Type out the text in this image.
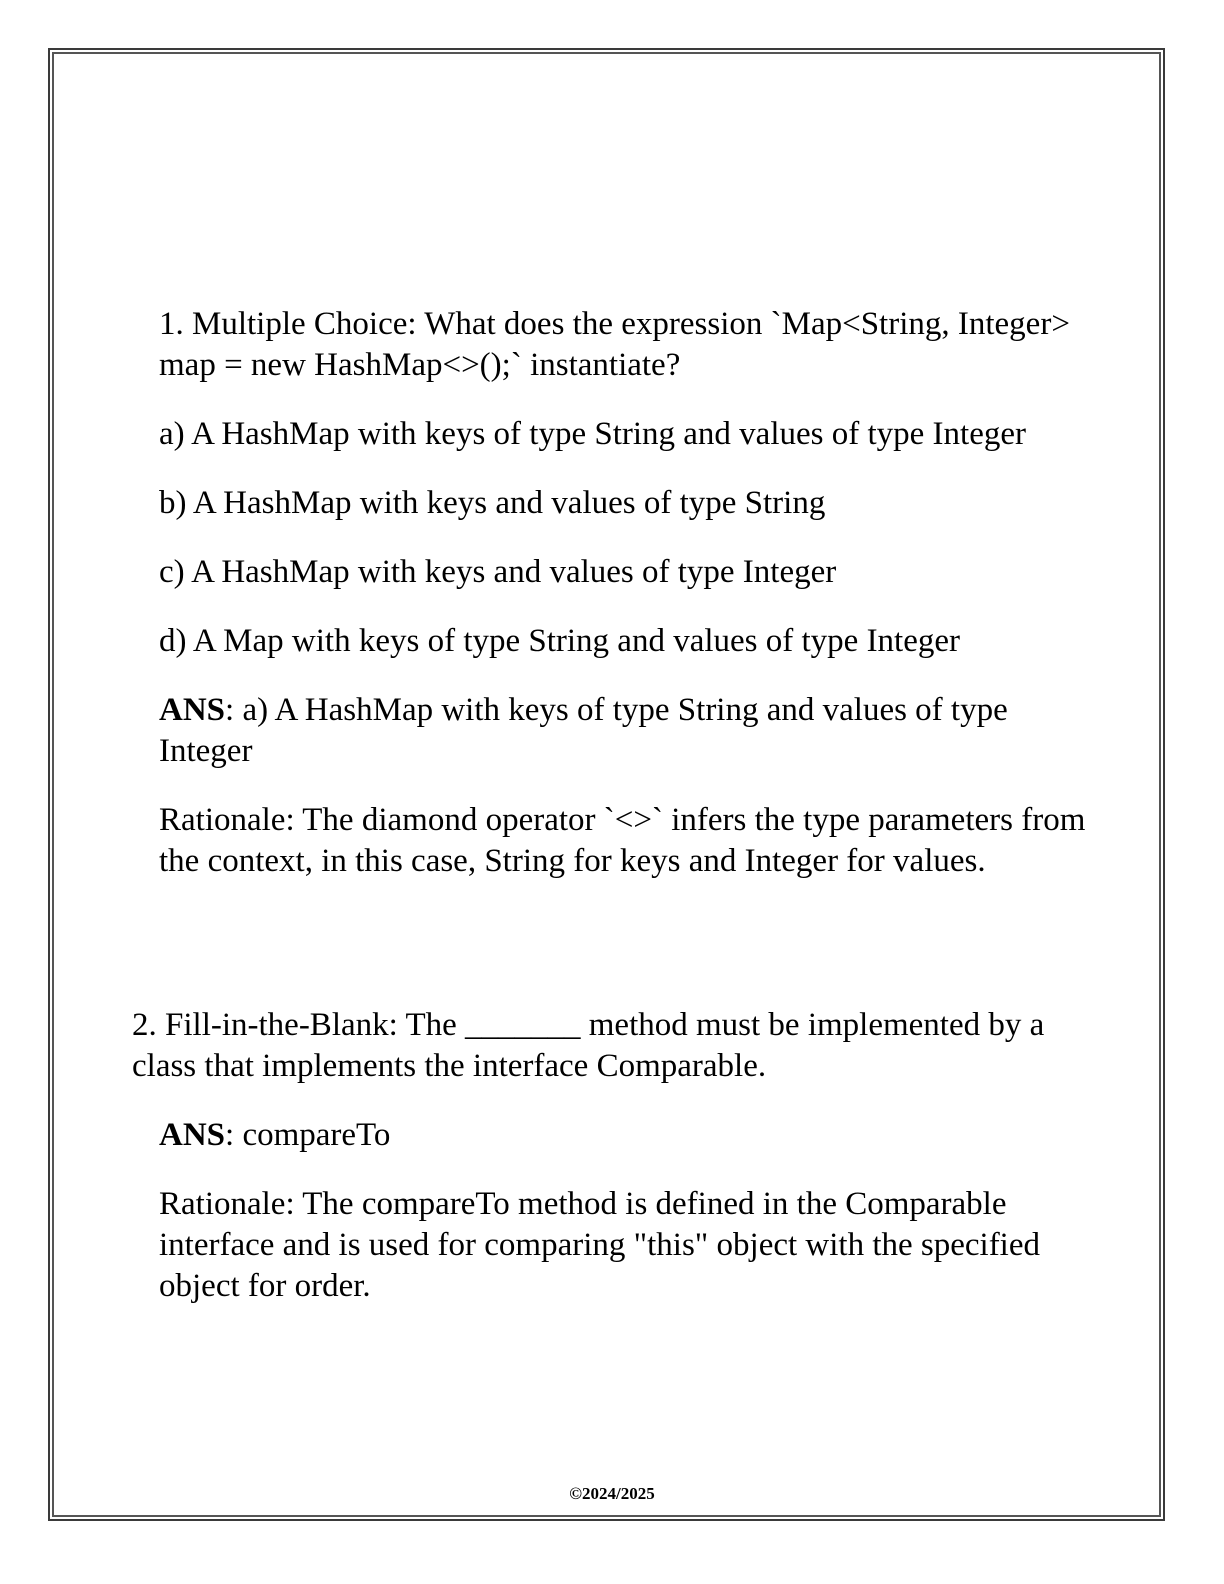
1. Multiple Choice: What does the expression `Map<String, Integer> map = new HashMap<>();` instantiate?
a) A HashMap with keys of type String and values of type Integer
b) A HashMap with keys and values of type String
c) A HashMap with keys and values of type Integer
d) A Map with keys of type String and values of type Integer
ANS: a) A HashMap with keys of type String and values of type Integer
Rationale: The diamond operator `<>` infers the type parameters from the context, in this case, String for keys and Integer for values.
2. Fill-in-the-Blank: The _______ method must be implemented by a class that implements the interface Comparable.
ANS: compareTo
Rationale: The compareTo method is defined in the Comparable interface and is used for comparing "this" object with the specified object for order.
©2024/2025
